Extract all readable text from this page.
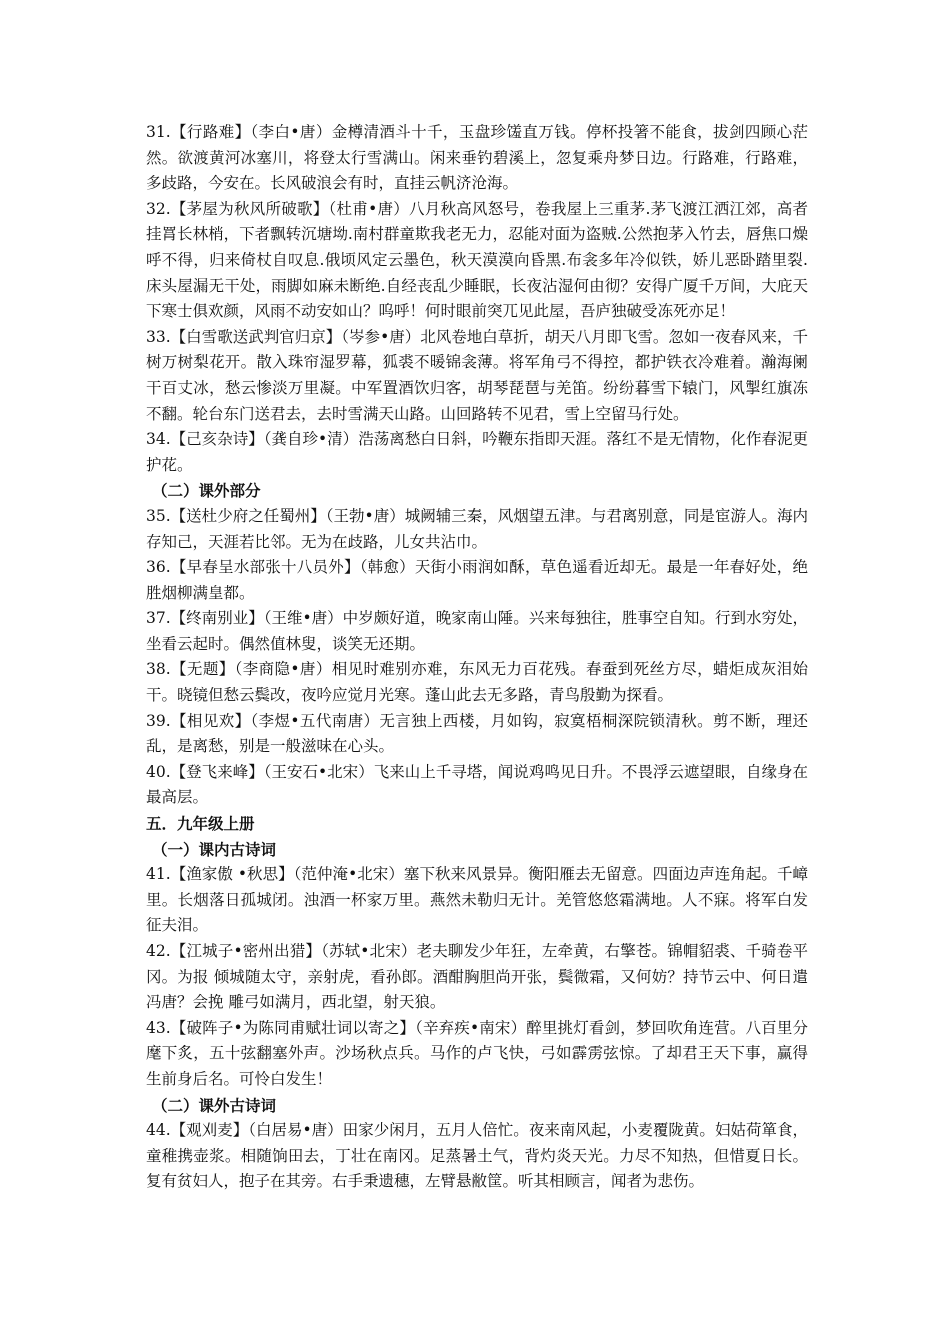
31.【行路难】（李白•唐）金樽清酒斗十千，玉盘珍馐直万钱。停杯投箸不能食，拔剑四顾心茫然。欲渡黄河冰塞川，将登太行雪满山。闲来垂钓碧溪上，忽复乘舟梦日边。行路难，行路难，多歧路，今安在。长风破浪会有时，直挂云帆济沧海。

32.【茅屋为秋风所破歌】（杜甫•唐）八月秋高风怒号，卷我屋上三重茅.茅飞渡江洒江郊，高者挂罥长林梢，下者飘转沉塘坳.南村群童欺我老无力，忍能对面为盗贼.公然抱茅入竹去，唇焦口燥呼不得，归来倚杖自叹息.俄顷风定云墨色，秋天漠漠向昏黑.布衾多年冷似铁，娇儿恶卧踏里裂.床头屋漏无干处，雨脚如麻未断绝.自经丧乱少睡眠，长夜沾湿何由彻？安得广厦千万间，大庇天下寒士俱欢颜，风雨不动安如山？呜呼！何时眼前突兀见此屋，吾庐独破受冻死亦足！

33.【白雪歌送武判官归京】（岑参•唐）北风卷地白草折，胡天八月即飞雪。忽如一夜春风来，千树万树梨花开。散入珠帘湿罗幕，狐裘不暖锦衾薄。将军角弓不得控，都护铁衣冷难着。瀚海阑干百丈冰，愁云惨淡万里凝。中军置酒饮归客，胡琴琵琶与羌笛。纷纷暮雪下辕门，风掣红旗冻不翻。轮台东门送君去，去时雪满天山路。山回路转不见君，雪上空留马行处。

34.【己亥杂诗】（龚自珍•清）浩荡离愁白日斜，吟鞭东指即天涯。落红不是无情物，化作春泥更护花。

（二）课外部分

35.【送杜少府之任蜀州】（王勃•唐）城阙辅三秦，风烟望五津。与君离别意，同是宦游人。海内存知己，天涯若比邻。无为在歧路，儿女共沾巾。

36.【早春呈水部张十八员外】（韩愈）天街小雨润如酥，草色遥看近却无。最是一年春好处，绝胜烟柳满皇都。

37.【终南别业】（王维•唐）中岁颇好道，晚家南山陲。兴来每独往，胜事空自知。行到水穷处，坐看云起时。偶然值林叟，谈笑无还期。

38.【无题】（李商隐•唐）相见时难别亦难，东风无力百花残。春蚕到死丝方尽，蜡炬成灰泪始干。晓镜但愁云鬓改，夜吟应觉月光寒。蓬山此去无多路，青鸟殷勤为探看。

39.【相见欢】（李煜•五代南唐）无言独上西楼，月如钩，寂寞梧桐深院锁清秋。剪不断，理还乱，是离愁，别是一般滋味在心头。

40.【登飞来峰】（王安石•北宋）飞来山上千寻塔，闻说鸡鸣见日升。不畏浮云遮望眼，自缘身在最高层。

五．九年级上册

（一）课内古诗词

41.【渔家傲 •秋思】（范仲淹•北宋）塞下秋来风景异。衡阳雁去无留意。四面边声连角起。千嶂里。长烟落日孤城闭。浊酒一杯家万里。燕然未勒归无计。羌管悠悠霜满地。人不寐。将军白发征夫泪。

42.【江城子•密州出猎】（苏轼•北宋）老夫聊发少年狂，左牵黄，右擎苍。锦帽貂裘、千骑卷平冈。为报 倾城随太守，亲射虎，看孙郎。酒酣胸胆尚开张，鬓微霜，又何妨？持节云中、何日遣冯唐？会挽 雕弓如满月，西北望，射天狼。

43.【破阵子•为陈同甫赋壮词以寄之】（辛弃疾•南宋）醉里挑灯看剑，梦回吹角连营。八百里分麾下炙，五十弦翻塞外声。沙场秋点兵。马作的卢飞快，弓如霹雳弦惊。了却君王天下事，赢得生前身后名。可怜白发生！

（二）课外古诗词

44.【观刈麦】（白居易•唐）田家少闲月，五月人倍忙。夜来南风起，小麦覆陇黄。妇姑荷箪食，童稚携壶浆。相随饷田去，丁壮在南冈。足蒸暑土气，背灼炎天光。力尽不知热，但惜夏日长。复有贫妇人，抱子在其旁。右手秉遗穗，左臂悬敝筐。听其相顾言，闻者为悲伤。
